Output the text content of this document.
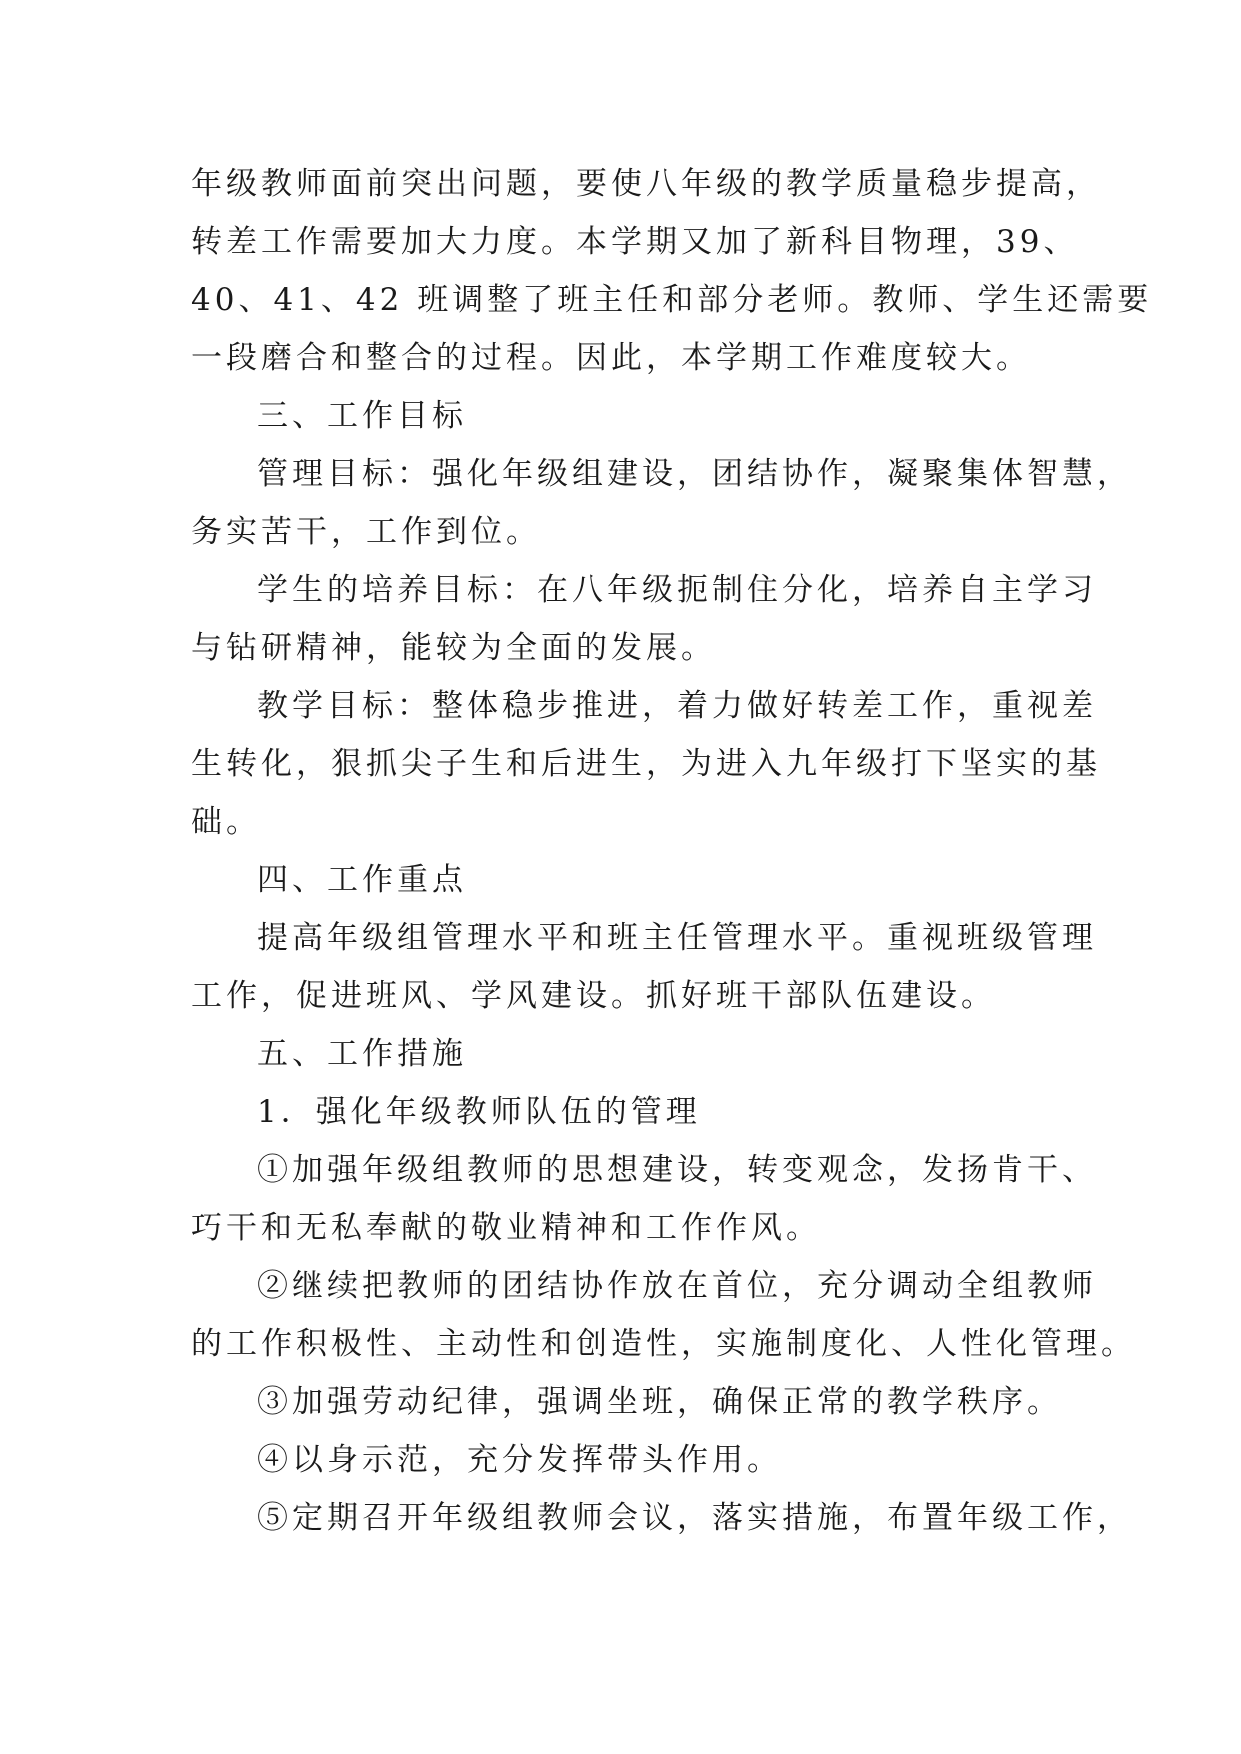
年级教师面前突出问题，要使八年级的教学质量稳步提高，
转差工作需要加大力度。本学期又加了新科目物理，39、
40、41、42 班调整了班主任和部分老师。教师、学生还需要
一段磨合和整合的过程。因此，本学期工作难度较大。
三、工作目标
管理目标：强化年级组建设，团结协作，凝聚集体智慧，
务实苦干，工作到位。
学生的培养目标：在八年级扼制住分化，培养自主学习
与钻研精神，能较为全面的发展。
教学目标：整体稳步推进，着力做好转差工作，重视差
生转化，狠抓尖子生和后进生，为进入九年级打下坚实的基
础。
四、工作重点
提高年级组管理水平和班主任管理水平。重视班级管理
工作，促进班风、学风建设。抓好班干部队伍建设。
五、工作措施
1．强化年级教师队伍的管理
①加强年级组教师的思想建设，转变观念，发扬肯干、
巧干和无私奉献的敬业精神和工作作风。
②继续把教师的团结协作放在首位，充分调动全组教师
的工作积极性、主动性和创造性，实施制度化、人性化管理。
③加强劳动纪律，强调坐班，确保正常的教学秩序。
④以身示范，充分发挥带头作用。
⑤定期召开年级组教师会议，落实措施，布置年级工作，
